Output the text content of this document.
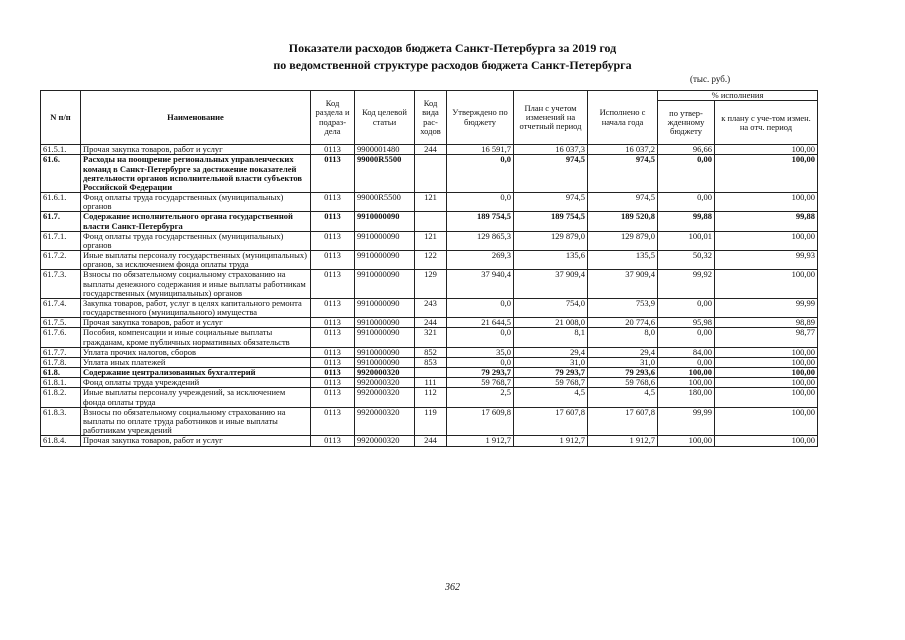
Показатели расходов бюджета Санкт-Петербурга за 2019 год
по ведомственной структуре расходов бюджета Санкт-Петербурга
(тыс. руб.)
N п/п	Наименование	Код раздела и подраз-дела	Код целевой статьи	Код вида рас-ходов	Утверждено по бюджету	План с учетом изменений на отчетный период	Исполнено с начала года	% исполнения	
								по утвер-жденному бюджету	к плану с уче-том измен. на отч. период
61.5.1.	Прочая закупка товаров, работ и услуг	0113	9900001480	244	16 591,7	16 037,3	16 037,2	96,66	100,00
61.6.	Расходы на поощрение региональных управленческих команд в Санкт-Петербурге за достижение показателей деятельности органов исполнительной власти субъектов Российской Федерации	0113	99000R5500		0,0	974,5	974,5	0,00	100,00
61.6.1.	Фонд оплаты труда государственных (муниципальных) органов	0113	99000R5500	121	0,0	974,5	974,5	0,00	100,00
61.7.	Содержание исполнительного органа государственной власти Санкт-Петербурга	0113	9910000090		189 754,5	189 754,5	189 520,8	99,88	99,88
61.7.1.	Фонд оплаты труда государственных (муниципальных) органов	0113	9910000090	121	129 865,3	129 879,0	129 879,0	100,01	100,00
61.7.2.	Иные выплаты персоналу государственных (муниципальных) органов, за исключением фонда оплаты труда	0113	9910000090	122	269,3	135,6	135,5	50,32	99,93
61.7.3.	Взносы по обязательному социальному страхованию на выплаты денежного содержания и иные выплаты работникам государственных (муниципальных) органов	0113	9910000090	129	37 940,4	37 909,4	37 909,4	99,92	100,00
61.7.4.	Закупка товаров, работ, услуг в целях капитального ремонта государственного (муниципального) имущества	0113	9910000090	243	0,0	754,0	753,9	0,00	99,99
61.7.5.	Прочая закупка товаров, работ и услуг	0113	9910000090	244	21 644,5	21 008,0	20 774,6	95,98	98,89
61.7.6.	Пособия, компенсации и иные социальные выплаты гражданам, кроме публичных нормативных обязательств	0113	9910000090	321	0,0	8,1	8,0	0,00	98,77
61.7.7.	Уплата прочих налогов, сборов	0113	9910000090	852	35,0	29,4	29,4	84,00	100,00
61.7.8.	Уплата иных платежей	0113	9910000090	853	0,0	31,0	31,0	0,00	100,00
61.8.	Содержание централизованных бухгалтерий	0113	9920000320		79 293,7	79 293,7	79 293,6	100,00	100,00
61.8.1.	Фонд оплаты труда учреждений	0113	9920000320	111	59 768,7	59 768,7	59 768,6	100,00	100,00
61.8.2.	Иные выплаты персоналу учреждений, за исключением фонда оплаты труда	0113	9920000320	112	2,5	4,5	4,5	180,00	100,00
61.8.3.	Взносы по обязательному социальному страхованию на выплаты по оплате труда работников и иные выплаты работникам учреждений	0113	9920000320	119	17 609,8	17 607,8	17 607,8	99,99	100,00
61.8.4.	Прочая закупка товаров, работ и услуг	0113	9920000320	244	1 912,7	1 912,7	1 912,7	100,00	100,00
362
